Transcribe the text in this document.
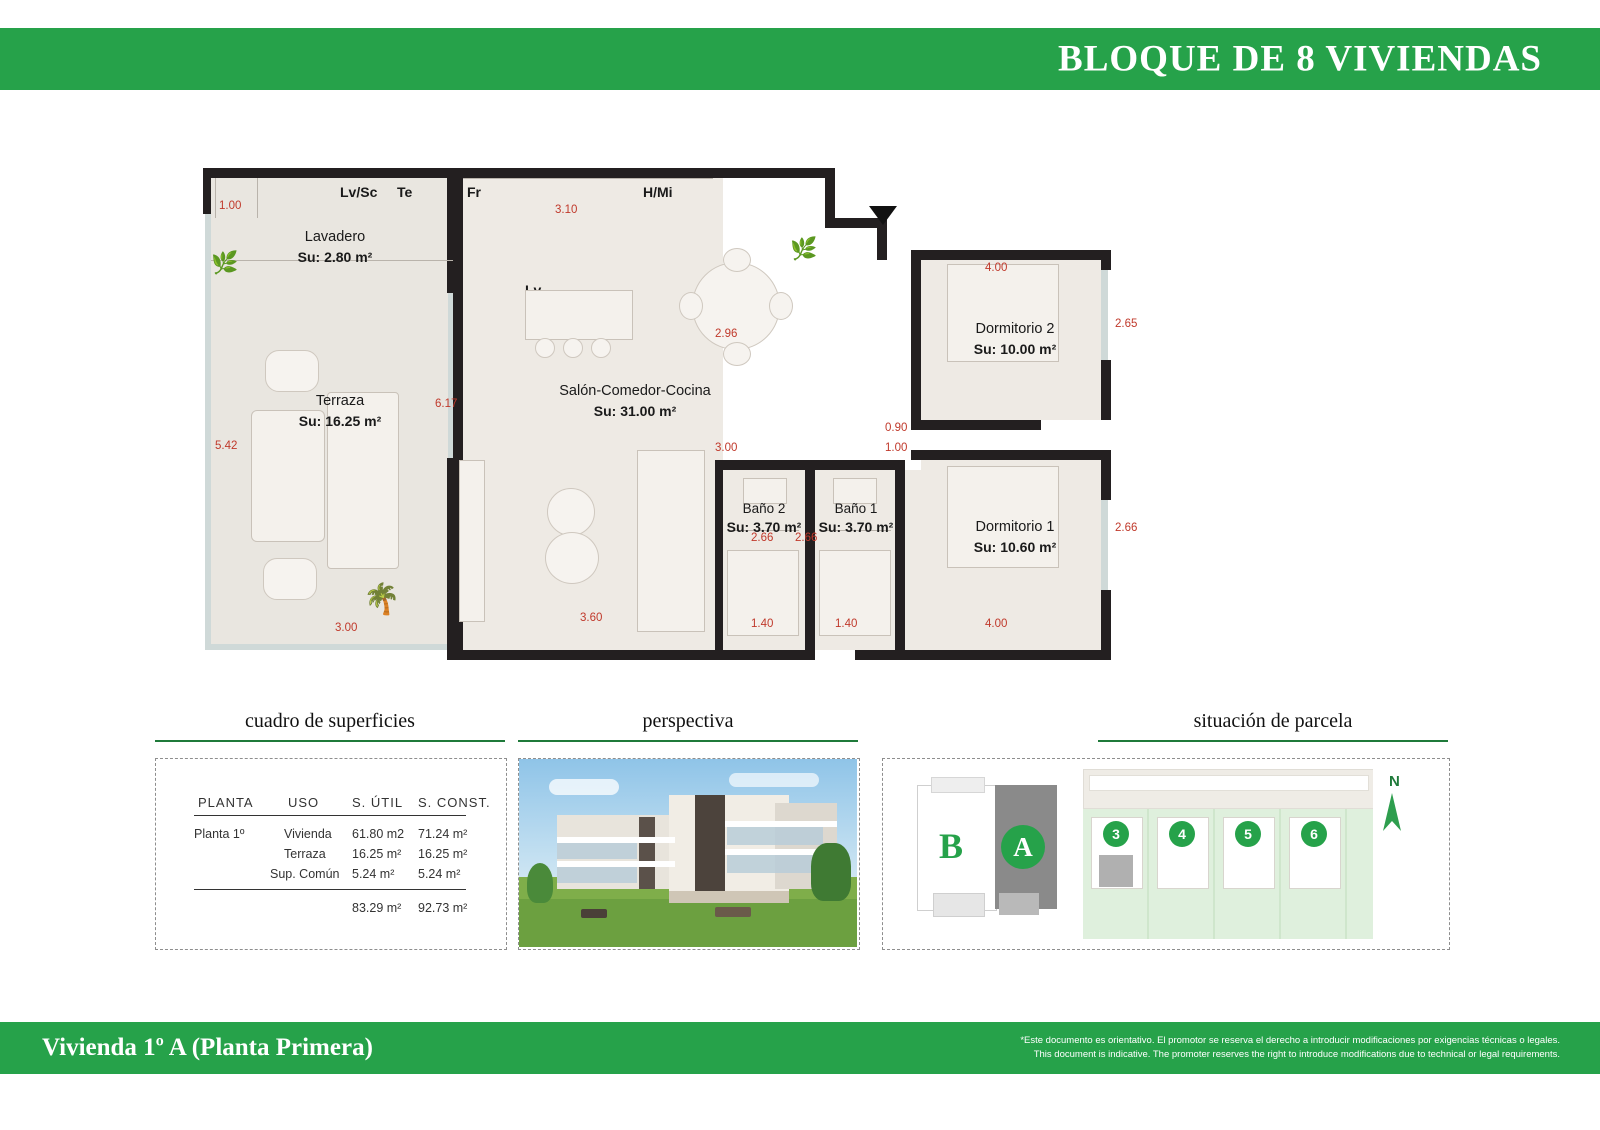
BLOQUE DE 8 VIVIENDAS
Lv/Sc Te
1.00
Lavadero
Su: 2.80 m²
🌿
🌴
Terraza
Su: 16.25 m²
5.42
3.00
Fr	H/Mi
3.10
2.96
🌿
Salón-Comedor-Cocina
Su: 31.00 m²
6.17
3.60
Dormitorio 2
Su: 10.00 m²
4.00
2.65
Dormitorio 1
Su: 10.60 m²
2.66
4.00
0.90
1.00
3.00
Baño 2
Su: 3.70 m²
2.66
1.40
Baño 1
Su: 3.70 m²
2.66
1.40
cuadro de superficies
PLANTA	USO	S. ÚTIL S. CONST.
Planta 1º	Vivienda 61.80 m2 71.24 m²
Terraza 16.25 m² 16.25 m²
Sup. Común 5.24 m² 5.24 m²
83.29 m² 92.73 m²
perspectiva	situación de parcela
B A	3	4	5	6
N
Vivienda 1º A (Planta Primera)	*Este documento es orientativo. El promotor se reserva el derecho a introducir modificaciones por exigencias técnicas o legales.
This document is indicative. The promoter reserves the right to introduce modifications due to technical or legal requirements.
